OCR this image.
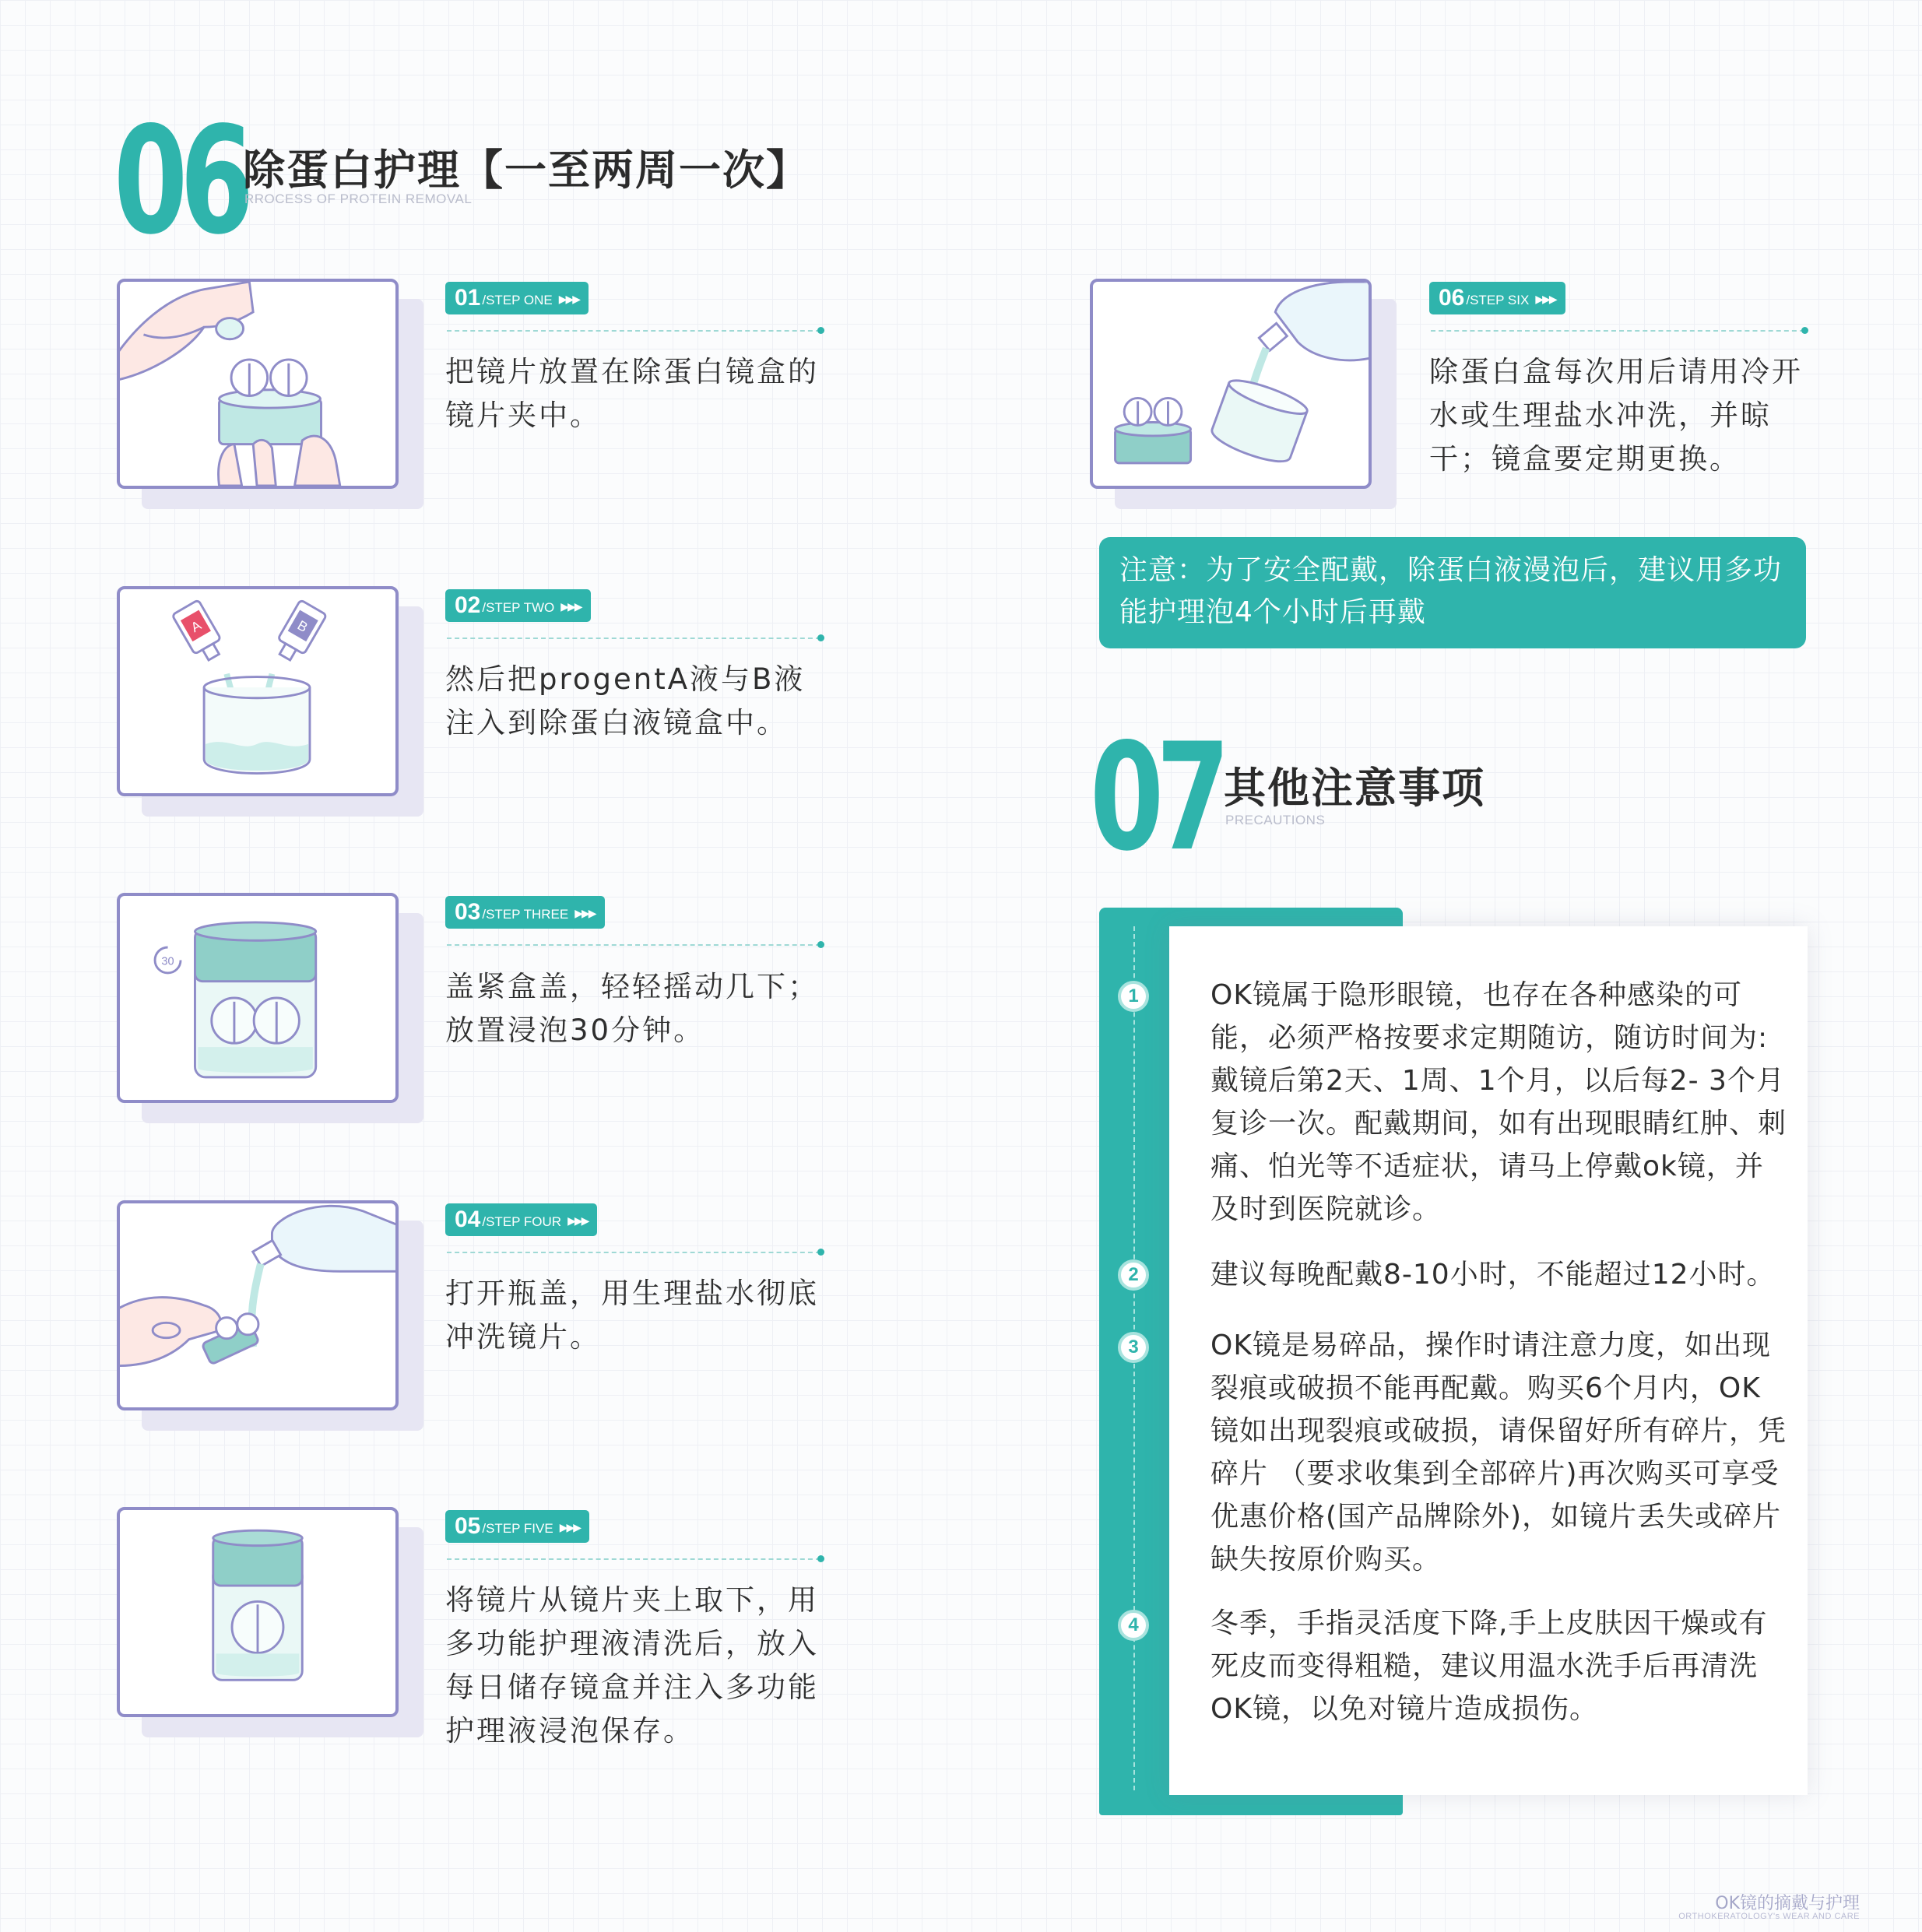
06
除蛋白护理【一至两周一次】
RROCESS OF PROTEIN REMOVAL
01 /STEP ONE ▶▶▶
把镜片放置在除蛋白镜盒的镜片夹中。
A	B
02 /STEP TWO ▶▶▶
然后把progentA液与B液注入到除蛋白液镜盒中。
30
03 /STEP THREE ▶▶▶
盖紧盒盖，轻轻摇动几下；放置浸泡30分钟。
04 /STEP FOUR ▶▶▶
打开瓶盖，用生理盐水彻底冲洗镜片。
05 /STEP FIVE ▶▶▶
将镜片从镜片夹上取下，用多功能护理液清洗后，放入每日储存镜盒并注入多功能护理液浸泡保存。
06 /STEP SIX ▶▶▶
除蛋白盒每次用后请用冷开水或生理盐水冲洗，并晾干；镜盒要定期更换。
注意：为了安全配戴，除蛋白液漫泡后，建议用多功能护理泡4个小时后再戴
07 其他注意事项
PRECAUTIONS
1	OK镜属于隐形眼镜，也存在各种感染的可能，必须严格按要求定期随访，随访时间为:戴镜后第2天、1周、1个月，以后每2- 3个月复诊一次。配戴期间，如有出现眼睛红肿、刺痛、怕光等不适症状，请马上停戴ok镜，并及时到医院就诊。
2	建议每晚配戴8-10小时，不能超过12小时。
3	OK镜是易碎品，操作时请注意力度，如出现裂痕或破损不能再配戴。购买6个月内，OK镜如出现裂痕或破损，请保留好所有碎片，凭碎片 （要求收集到全部碎片)再次购买可享受优惠价格(国产品牌除外)，如镜片丢失或碎片缺失按原价购买。
4	冬季，手指灵活度下降,手上皮肤因干燥或有死皮而变得粗糙，建议用温水洗手后再清洗OK镜，以免对镜片造成损伤。
OK镜的摘戴与护理
ORTHOKERATOLOGY's WEAR AND CARE
